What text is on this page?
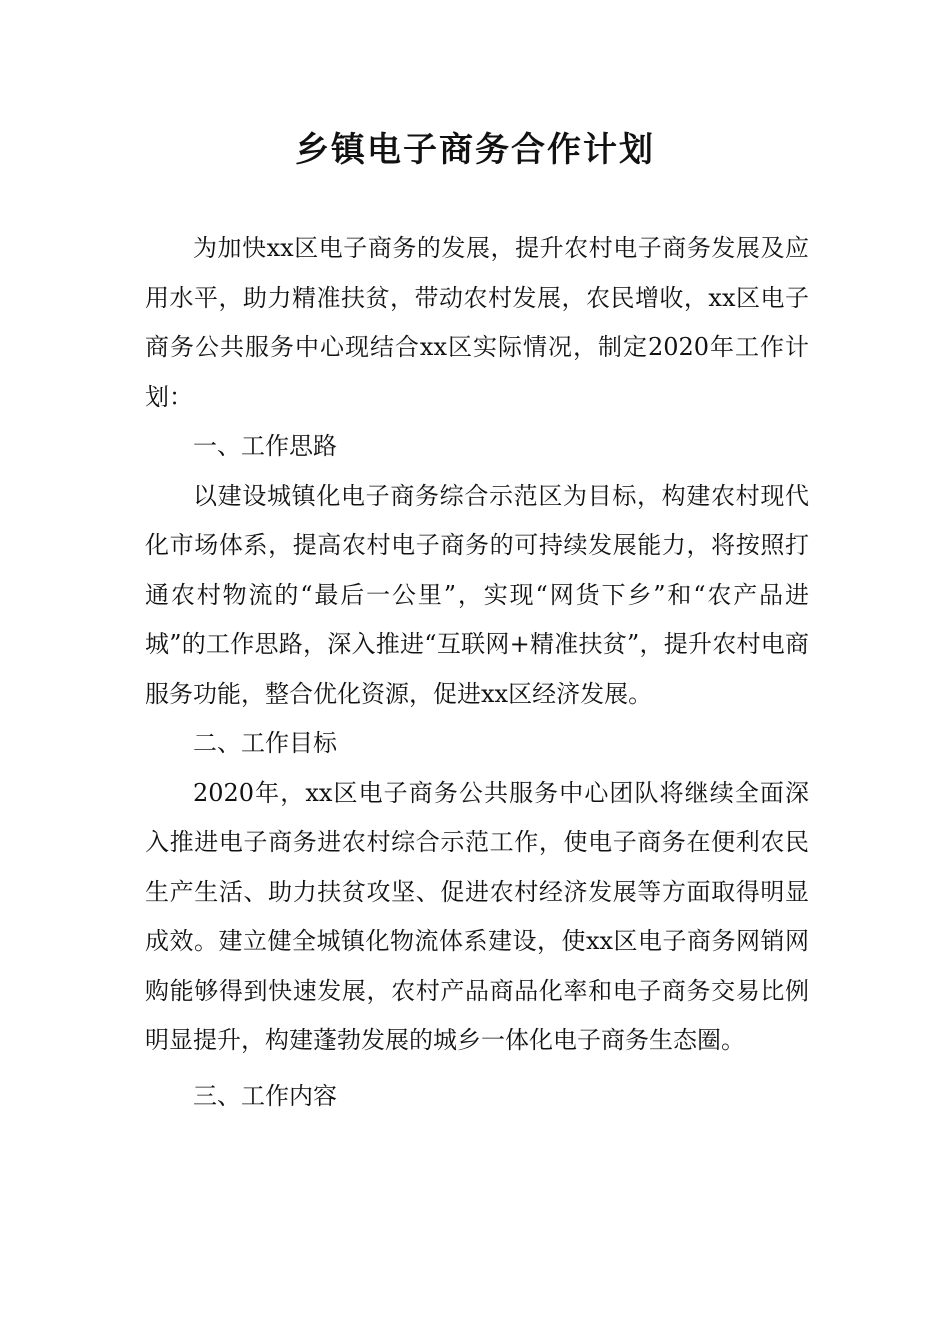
乡镇电子商务合作计划

为加快xx区电子商务的发展，提升农村电子商务发展及应用水平，助力精准扶贫，带动农村发展，农民增收，xx区电子商务公共服务中心现结合xx区实际情况，制定2020年工作计划：

一、工作思路

以建设城镇化电子商务综合示范区为目标，构建农村现代化市场体系，提高农村电子商务的可持续发展能力，将按照打通农村物流的“最后一公里”，实现“网货下乡”和“农产品进城”的工作思路，深入推进“互联网+精准扶贫”，提升农村电商服务功能，整合优化资源，促进xx区经济发展。

二、工作目标

2020年，xx区电子商务公共服务中心团队将继续全面深入推进电子商务进农村综合示范工作，使电子商务在便利农民生产生活、助力扶贫攻坚、促进农村经济发展等方面取得明显成效。建立健全城镇化物流体系建设，使xx区电子商务网销网购能够得到快速发展，农村产品商品化率和电子商务交易比例明显提升，构建蓬勃发展的城乡一体化电子商务生态圈。

三、工作内容
